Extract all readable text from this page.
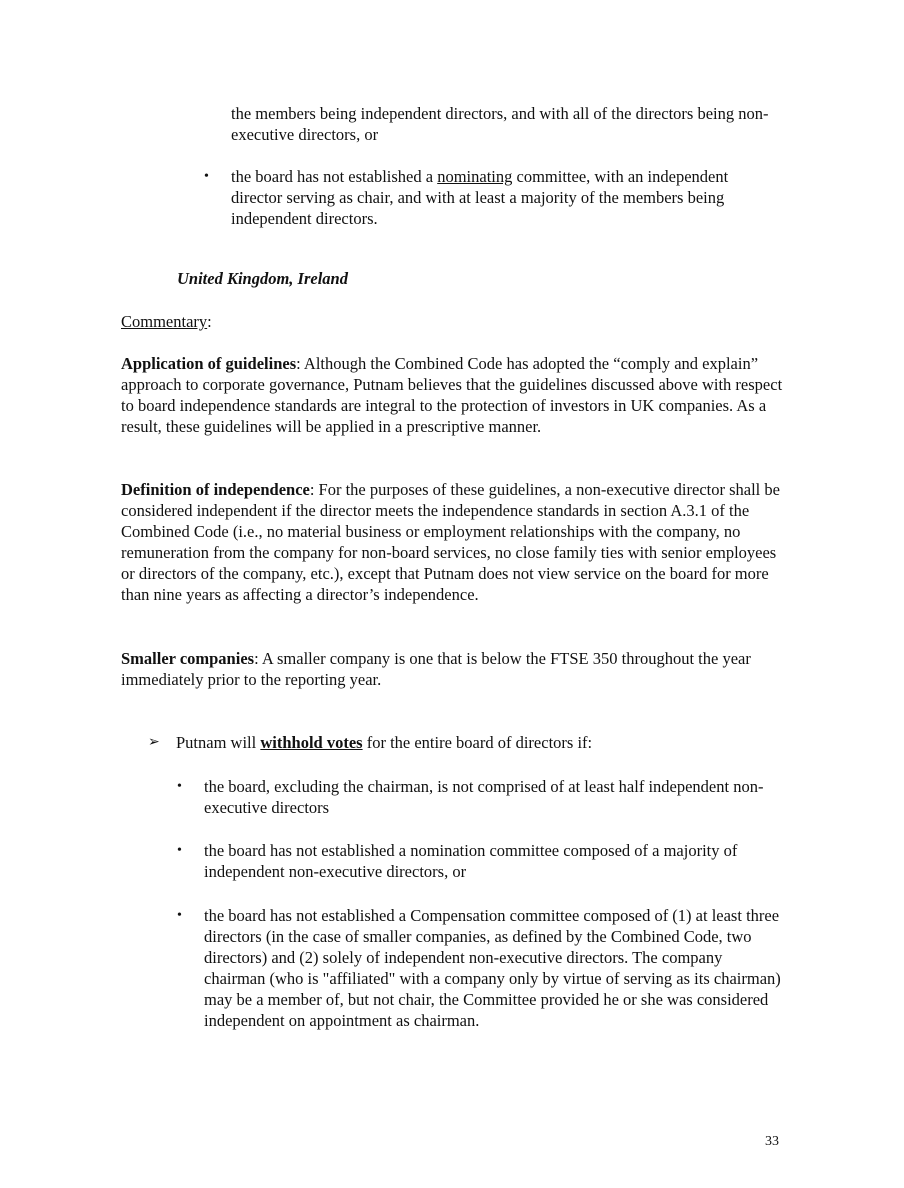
the members being independent directors, and with all of the directors being non-executive directors, or
• the board has not established a nominating committee, with an independent director serving as chair, and with at least a majority of the members being independent directors.
United Kingdom, Ireland
Commentary:
Application of guidelines: Although the Combined Code has adopted the “comply and explain” approach to corporate governance, Putnam believes that the guidelines discussed above with respect to board independence standards are integral to the protection of investors in UK companies. As a result, these guidelines will be applied in a prescriptive manner.
Definition of independence: For the purposes of these guidelines, a non-executive director shall be considered independent if the director meets the independence standards in section A.3.1 of the Combined Code (i.e., no material business or employment relationships with the company, no remuneration from the company for non-board services, no close family ties with senior employees or directors of the company, etc.), except that Putnam does not view service on the board for more than nine years as affecting a director’s independence.
Smaller companies: A smaller company is one that is below the FTSE 350 throughout the year immediately prior to the reporting year.
➢ Putnam will withhold votes for the entire board of directors if:
• the board, excluding the chairman, is not comprised of at least half independent non-executive directors
• the board has not established a nomination committee composed of a majority of independent non-executive directors, or
• the board has not established a Compensation committee composed of (1) at least three directors (in the case of smaller companies, as defined by the Combined Code, two directors) and (2) solely of independent non-executive directors. The company chairman (who is "affiliated" with a company only by virtue of serving as its chairman) may be a member of, but not chair, the Committee provided he or she was considered independent on appointment as chairman.
33
